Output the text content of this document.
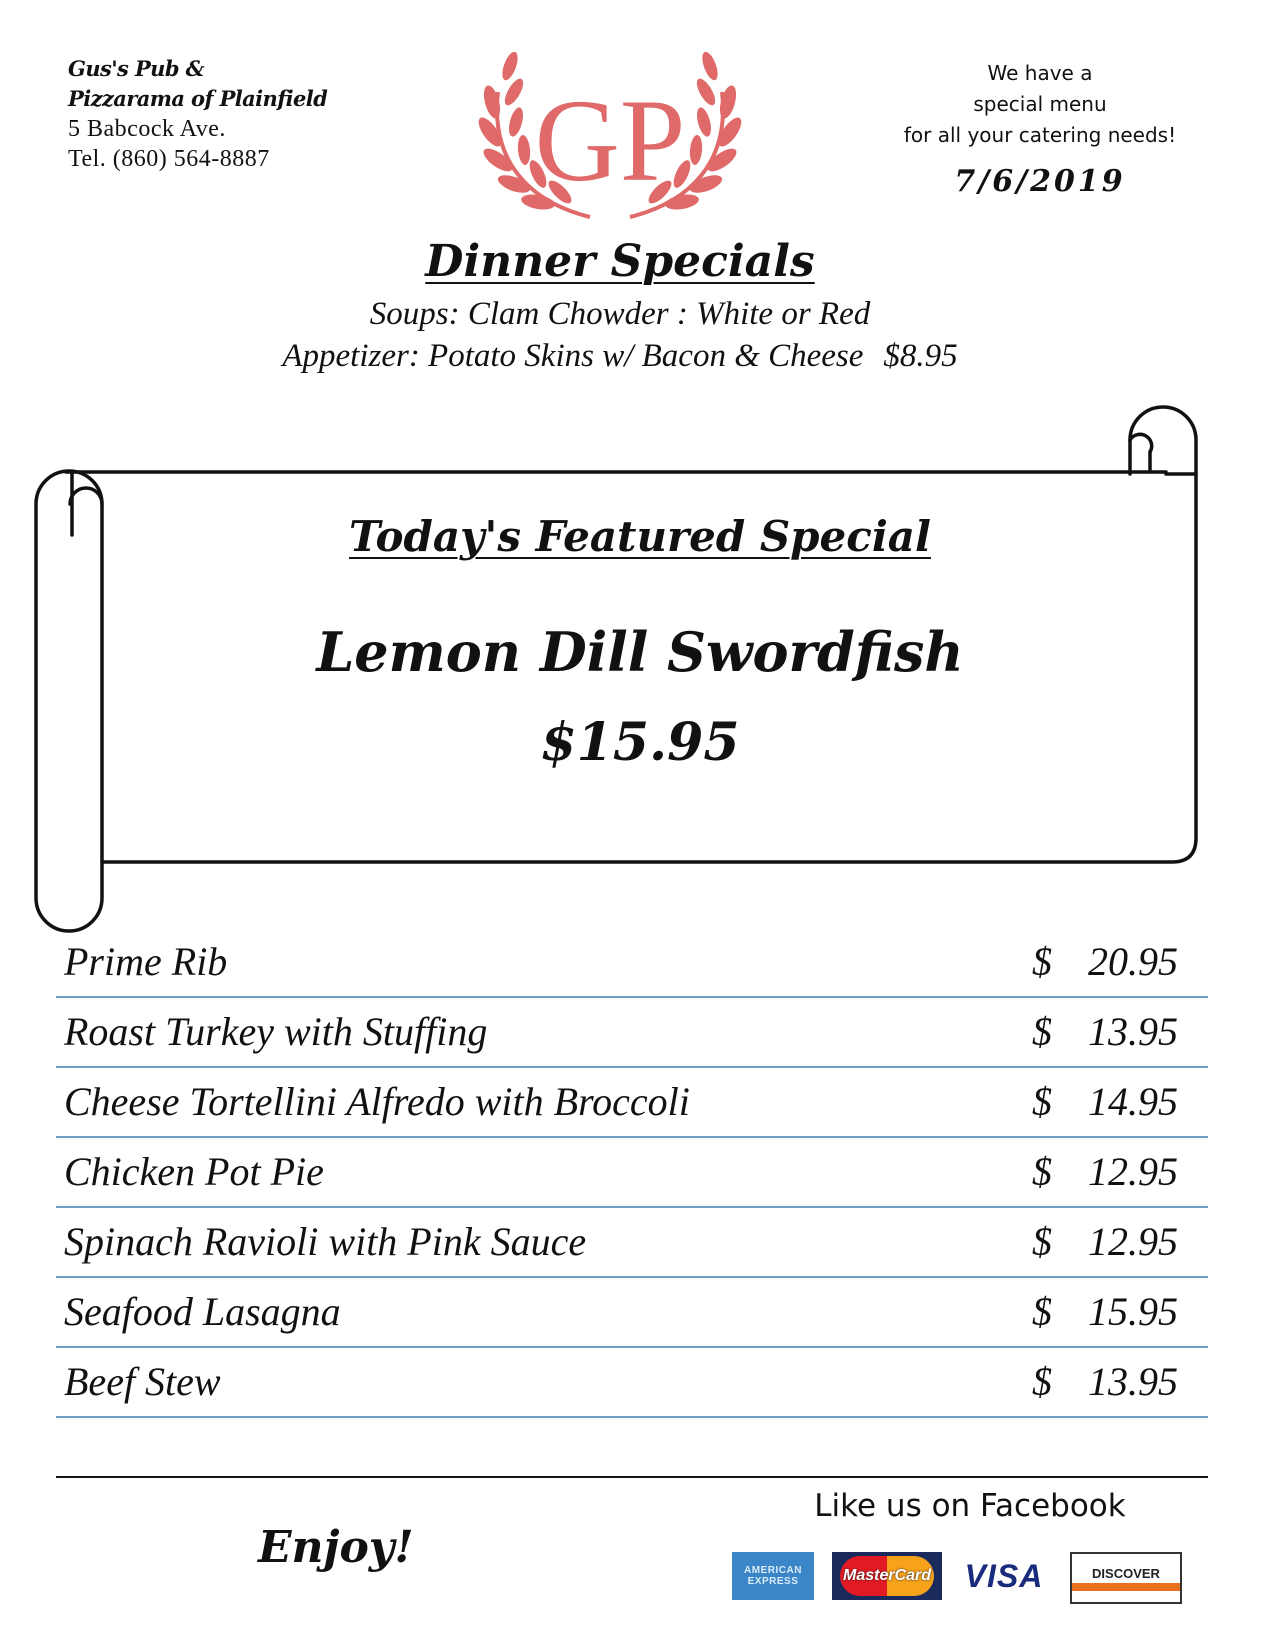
Gus's Pub &
Pizzarama of Plainfield
5 Babcock Ave.
Tel. (860) 564-8887	GP
We have a
special menu
for all your catering needs!
7/6/2019
Dinner Specials
Soups: Clam Chowder : White or Red
Appetizer: Potato Skins w/ Bacon & Cheese $8.95
Today's Featured Special
Lemon Dill Swordfish
$15.95
Prime Rib	$ 20.95
Roast Turkey with Stuffing	$ 13.95
Cheese Tortellini Alfredo with Broccoli	$ 14.95
Chicken Pot Pie	$ 12.95
Spinach Ravioli with Pink Sauce	$ 12.95
Seafood Lasagna	$ 15.95
Beef Stew	$ 13.95
Enjoy!
Like us on Facebook
AMERICAN
EXPRESS	MasterCard VISA	DISCOVER
